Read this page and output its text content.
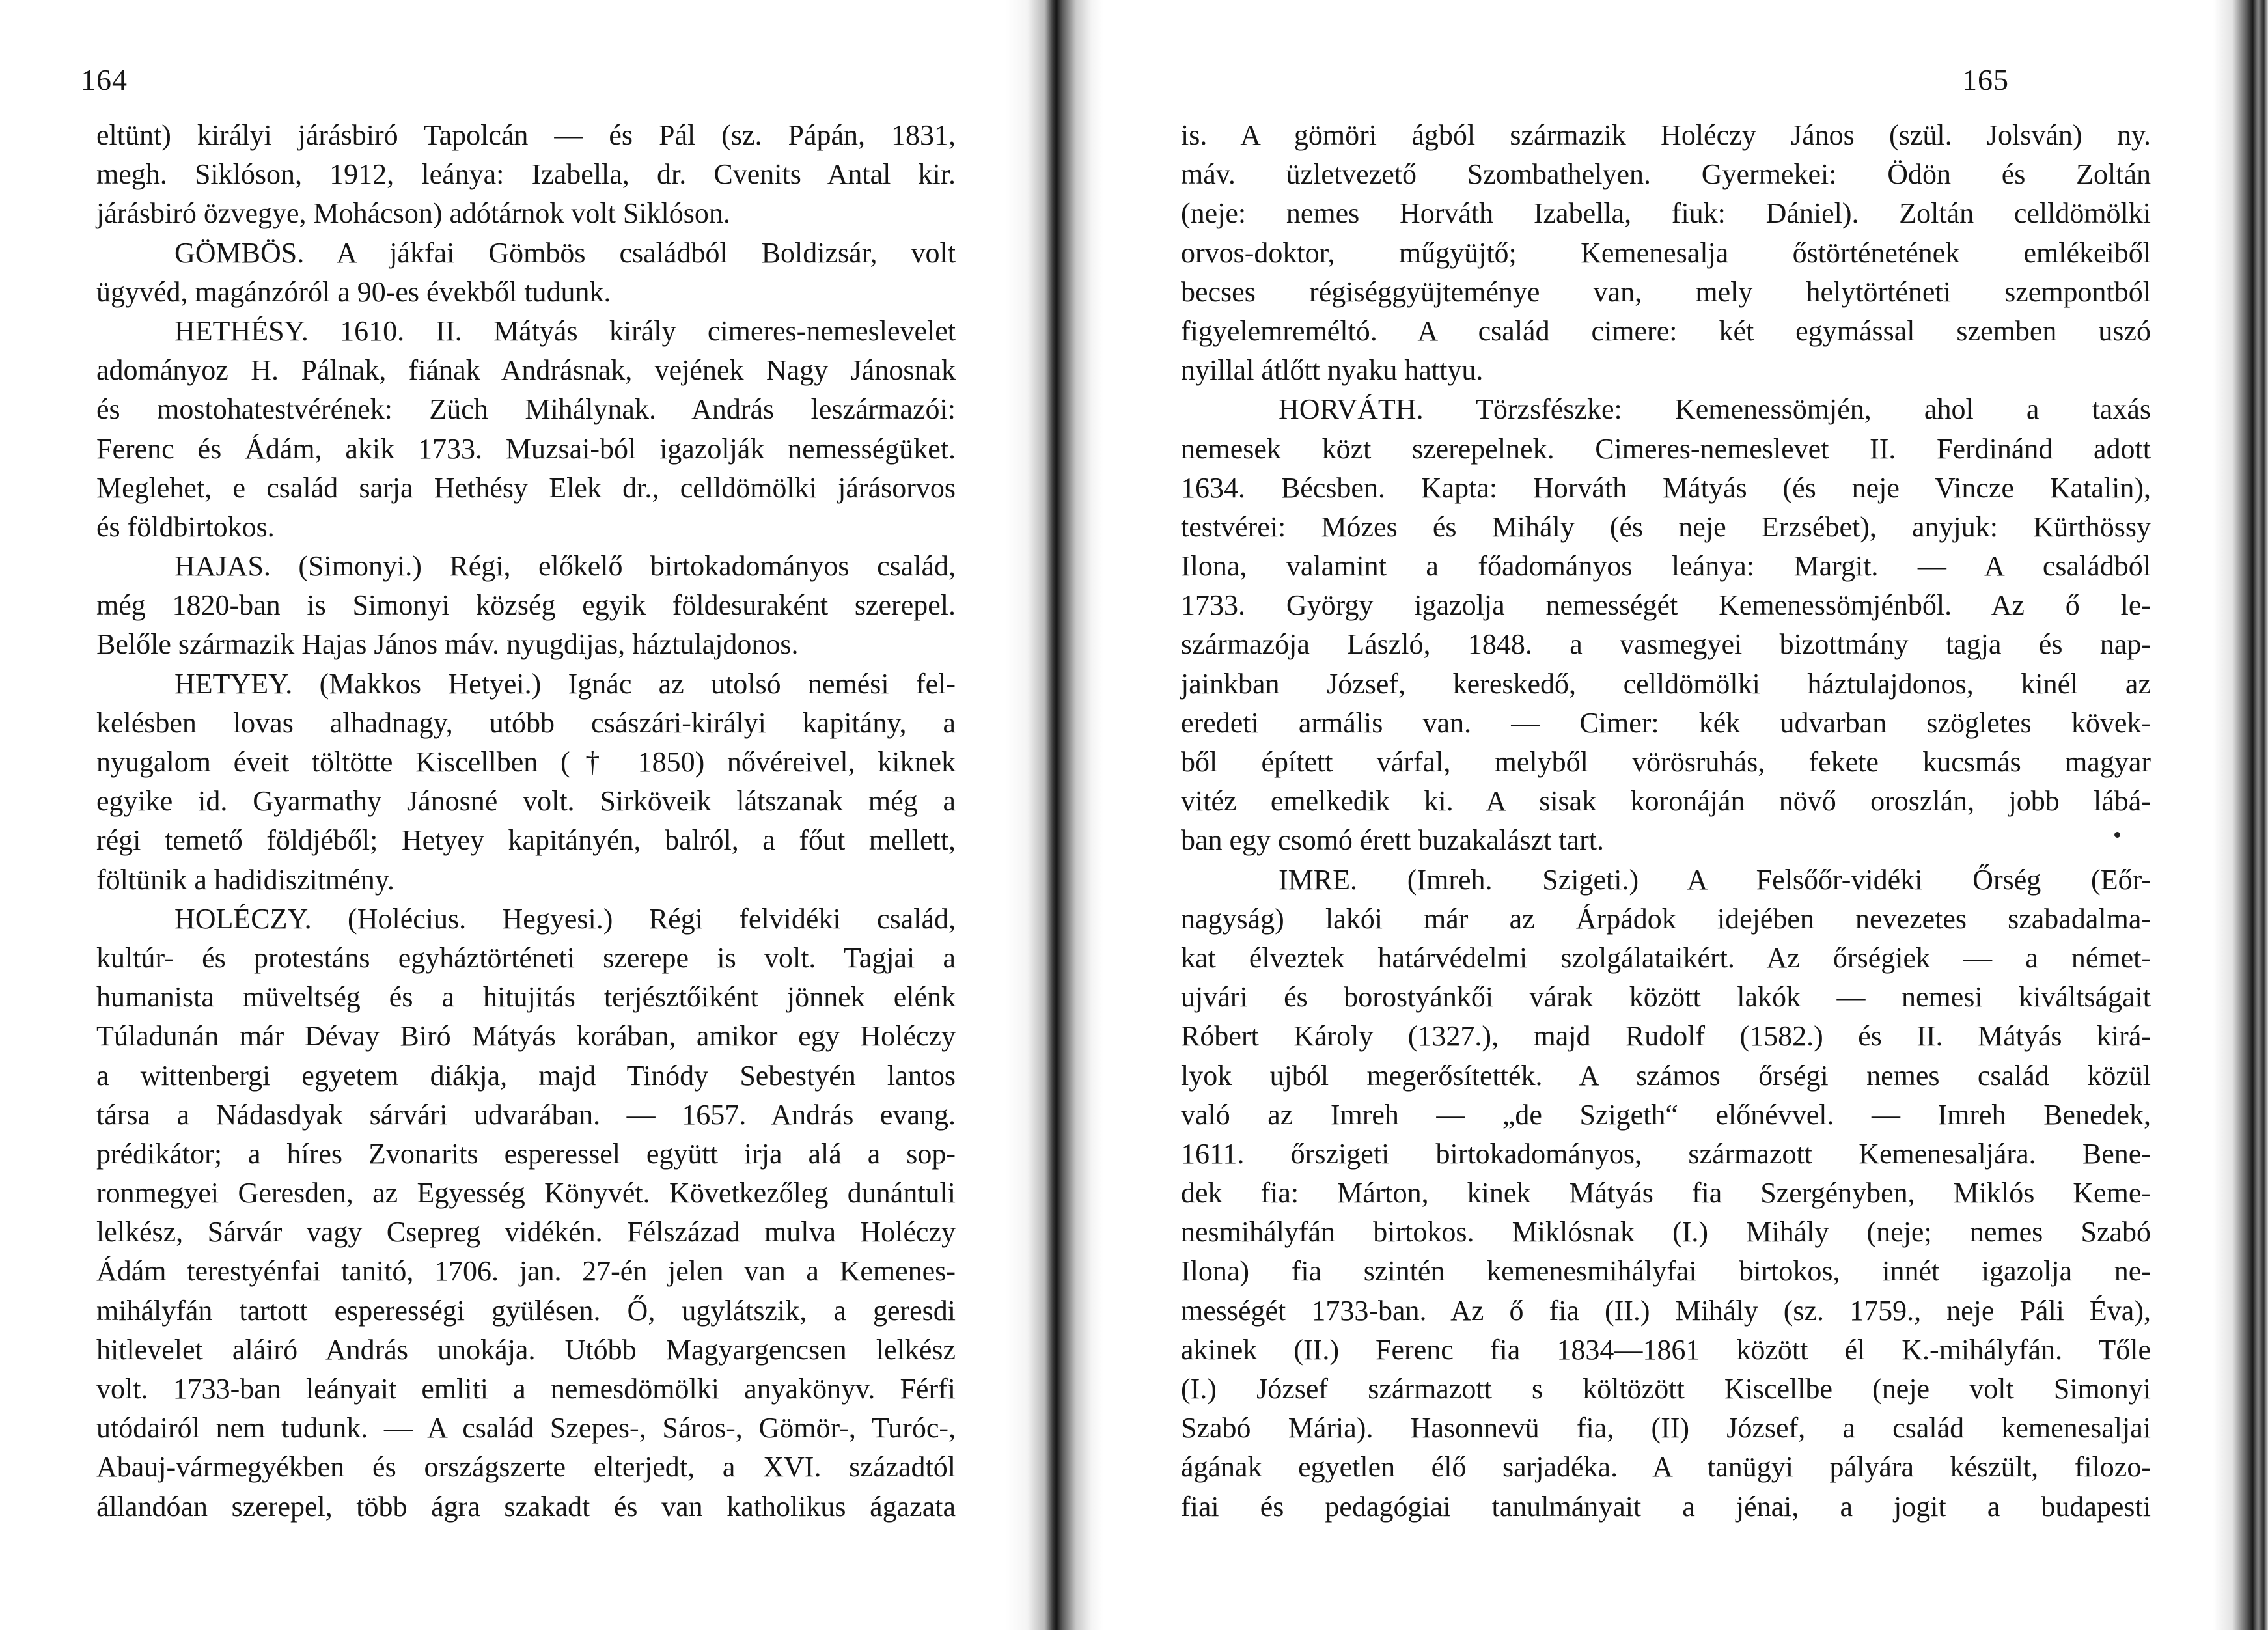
164
eltünt) királyi járásbiró Tapolcán — és Pál (sz. Pápán, 1831,
megh. Siklóson, 1912, leánya: Izabella, dr. Cvenits Antal kir.
járásbiró özvegye, Mohácson) adótárnok volt Siklóson.
GÖMBÖS. A jákfai Gömbös családból Boldizsár, volt
ügyvéd, magánzóról a 90-es évekből tudunk.
HETHÉSY. 1610. II. Mátyás király cimeres-nemeslevelet
adományoz H. Pálnak, fiának Andrásnak, vejének Nagy Jánosnak
és mostohatestvérének: Züch Mihálynak. András leszármazói:
Ferenc és Ádám, akik 1733. Muzsai-ból igazolják nemességüket.
Meglehet, e család sarja Hethésy Elek dr., celldömölki járásorvos
és földbirtokos.
HAJAS. (Simonyi.) Régi, előkelő birtokadományos család,
még 1820-ban is Simonyi község egyik földesuraként szerepel.
Belőle származik Hajas János máv. nyugdijas, háztulajdonos.
HETYEY. (Makkos Hetyei.) Ignác az utolsó nemési fel-
kelésben lovas alhadnagy, utóbb császári-királyi kapitány, a
nyugalom éveit töltötte Kiscellben († 1850) nővéreivel, kiknek
egyike id. Gyarmathy Jánosné volt. Sirköveik látszanak még a
régi temető földjéből; Hetyey kapitányén, balról, a főut mellett,
föltünik a hadidiszitmény.
HOLÉCZY. (Holécius. Hegyesi.) Régi felvidéki család,
kultúr- és protestáns egyháztörténeti szerepe is volt. Tagjai a
humanista müveltség és a hitujitás terjésztőiként jönnek elénk
Túladunán már Dévay Biró Mátyás korában, amikor egy Holéczy
a wittenbergi egyetem diákja, majd Tinódy Sebestyén lantos
társa a Nádasdyak sárvári udvarában. — 1657. András evang.
prédikátor; a híres Zvonarits esperessel együtt irja alá a sop-
ronmegyei Geresden, az Egyesség Könyvét. Következőleg dunántuli
lelkész, Sárvár vagy Csepreg vidékén. Félszázad mulva Holéczy
Ádám terestyénfai tanitó, 1706. jan. 27-én jelen van a Kemenes-
mihályfán tartott esperességi gyülésen. Ő, ugylátszik, a geresdi
hitlevelet aláiró András unokája. Utóbb Magyargencsen lelkész
volt. 1733-ban leányait emliti a nemesdömölki anyakönyv. Férfi
utódairól nem tudunk. — A család Szepes-, Sáros-, Gömör-, Turóc-,
Abauj-vármegyékben és országszerte elterjedt, a XVI. századtól
állandóan szerepel, több ágra szakadt és van katholikus ágazata
165
is. A gömöri ágból származik Holéczy János (szül. Jolsván) ny.
máv. üzletvezető Szombathelyen. Gyermekei: Ödön és Zoltán
(neje: nemes Horváth Izabella, fiuk: Dániel). Zoltán celldömölki
orvos-doktor, műgyüjtő; Kemenesalja őstörténetének emlékeiből
becses régiséggyüjteménye van, mely helytörténeti szempontból
figyelemreméltó. A család cimere: két egymással szemben uszó
nyillal átlőtt nyaku hattyu.
HORVÁTH. Törzsfészke: Kemenessömjén, ahol a taxás
nemesek közt szerepelnek. Cimeres-nemeslevet II. Ferdinánd adott
1634. Bécsben. Kapta: Horváth Mátyás (és neje Vincze Katalin),
testvérei: Mózes és Mihály (és neje Erzsébet), anyjuk: Kürthössy
Ilona, valamint a főadományos leánya: Margit. — A családból
1733. György igazolja nemességét Kemenessömjénből. Az ő le-
származója László, 1848. a vasmegyei bizottmány tagja és nap-
jainkban József, kereskedő, celldömölki háztulajdonos, kinél az
eredeti armális van. — Cimer: kék udvarban szögletes kövek-
ből épített várfal, melyből vörösruhás, fekete kucsmás magyar
vitéz emelkedik ki. A sisak koronáján növő oroszlán, jobb lábá-
ban egy csomó érett buzakalászt tart.
IMRE. (Imreh. Szigeti.) A Felsőőr-vidéki Őrség (Eőr-
nagyság) lakói már az Árpádok idejében nevezetes szabadalma-
kat élveztek határvédelmi szolgálataikért. Az őrségiek — a német-
ujvári és borostyánkői várak között lakók — nemesi kiváltságait
Róbert Károly (1327.), majd Rudolf (1582.) és II. Mátyás kirá-
lyok ujból megerősítették. A számos őrségi nemes család közül
való az Imreh — „de Szigeth“ előnévvel. — Imreh Benedek,
1611. őrszigeti birtokadományos, származott Kemenesaljára. Bene-
dek fia: Márton, kinek Mátyás fia Szergényben, Miklós Keme-
nesmihályfán birtokos. Miklósnak (I.) Mihály (neje; nemes Szabó
Ilona) fia szintén kemenesmihályfai birtokos, innét igazolja ne-
mességét 1733-ban. Az ő fia (II.) Mihály (sz. 1759., neje Páli Éva),
akinek (II.) Ferenc fia 1834—1861 között él K.-mihályfán. Tőle
(I.) József származott s költözött Kiscellbe (neje volt Simonyi
Szabó Mária). Hasonnevü fia, (II) József, a család kemenesaljai
ágának egyetlen élő sarjadéka. A tanügyi pályára készült, filozo-
fiai és pedagógiai tanulmányait a jénai, a jogit a budapesti
